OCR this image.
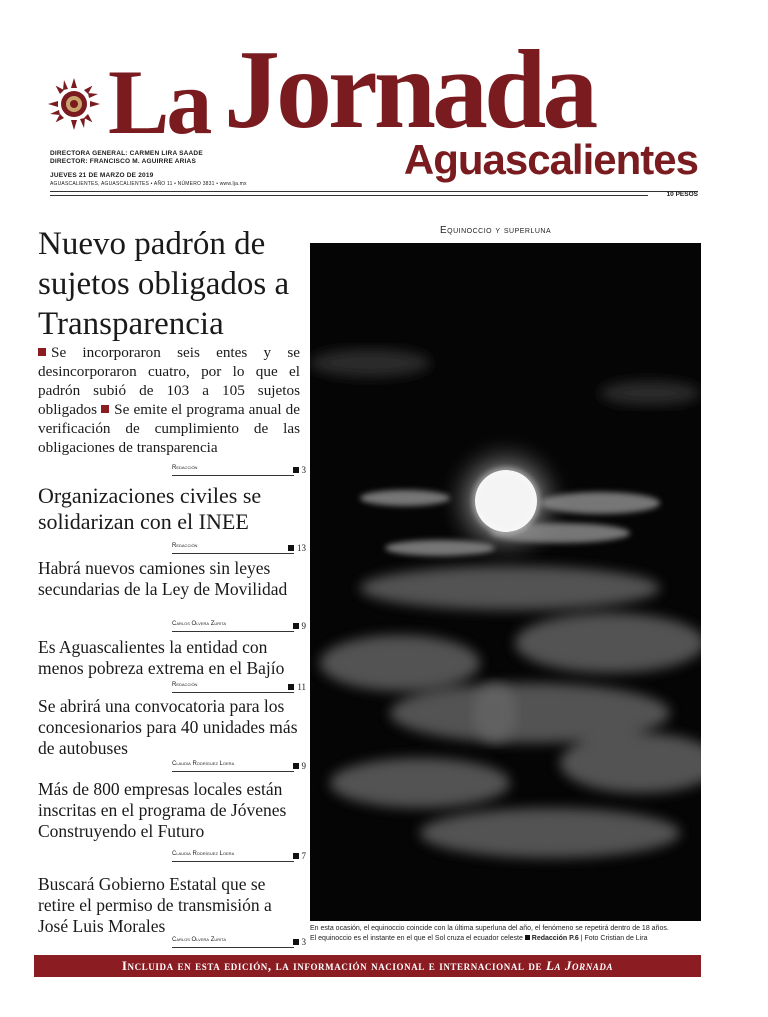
La Jornada
Aguascalientes
DIRECTORA GENERAL: CARMEN LIRA SAADE
DIRECTOR: FRANCISCO M. AGUIRRE ARIAS
JUEVES 21 DE MARZO DE 2019
AGUASCALIENTES, AGUASCALIENTES • AÑO 11 • NÚMERO 3831 • www.lja.mx
10 PESOS
Nuevo padrón de sujetos obligados a Transparencia

Se incorporaron seis entes y se desincorporaron cuatro, por lo que el padrón subió de 103 a 105 sujetos obligados Se emite el programa anual de verificación de cumplimiento de las obligaciones de transparencia

Redacción	3
Organizaciones civiles se solidarizan con el INEE
Redacción	13
Habrá nuevos camiones sin leyes secundarias de la Ley de Movilidad
Carlos Olvera Zurita	9
Es Aguascalientes la entidad con menos pobreza extrema en el Bajío
Redacción	11
Se abrirá una convocatoria para los concesionarios para 40 unidades más de autobuses
Claudia Rodríguez Loera	9
Más de 800 empresas locales están inscritas en el programa de Jóvenes Construyendo el Futuro
Claudia Rodríguez Loera	7
Buscará Gobierno Estatal que se retire el permiso de transmisión a José Luis Morales
Carlos Olvera Zurita	3
Equinoccio y superluna
En esta ocasión, el equinoccio coincide con la última superluna del año, el fenómeno se repetirá dentro de 18 años.
El equinoccio es el instante en el que el Sol cruza el ecuador celeste Redacción P.6 | Foto Cristian de Lira
Incluida en esta edición, la información nacional e internacional de La Jornada
